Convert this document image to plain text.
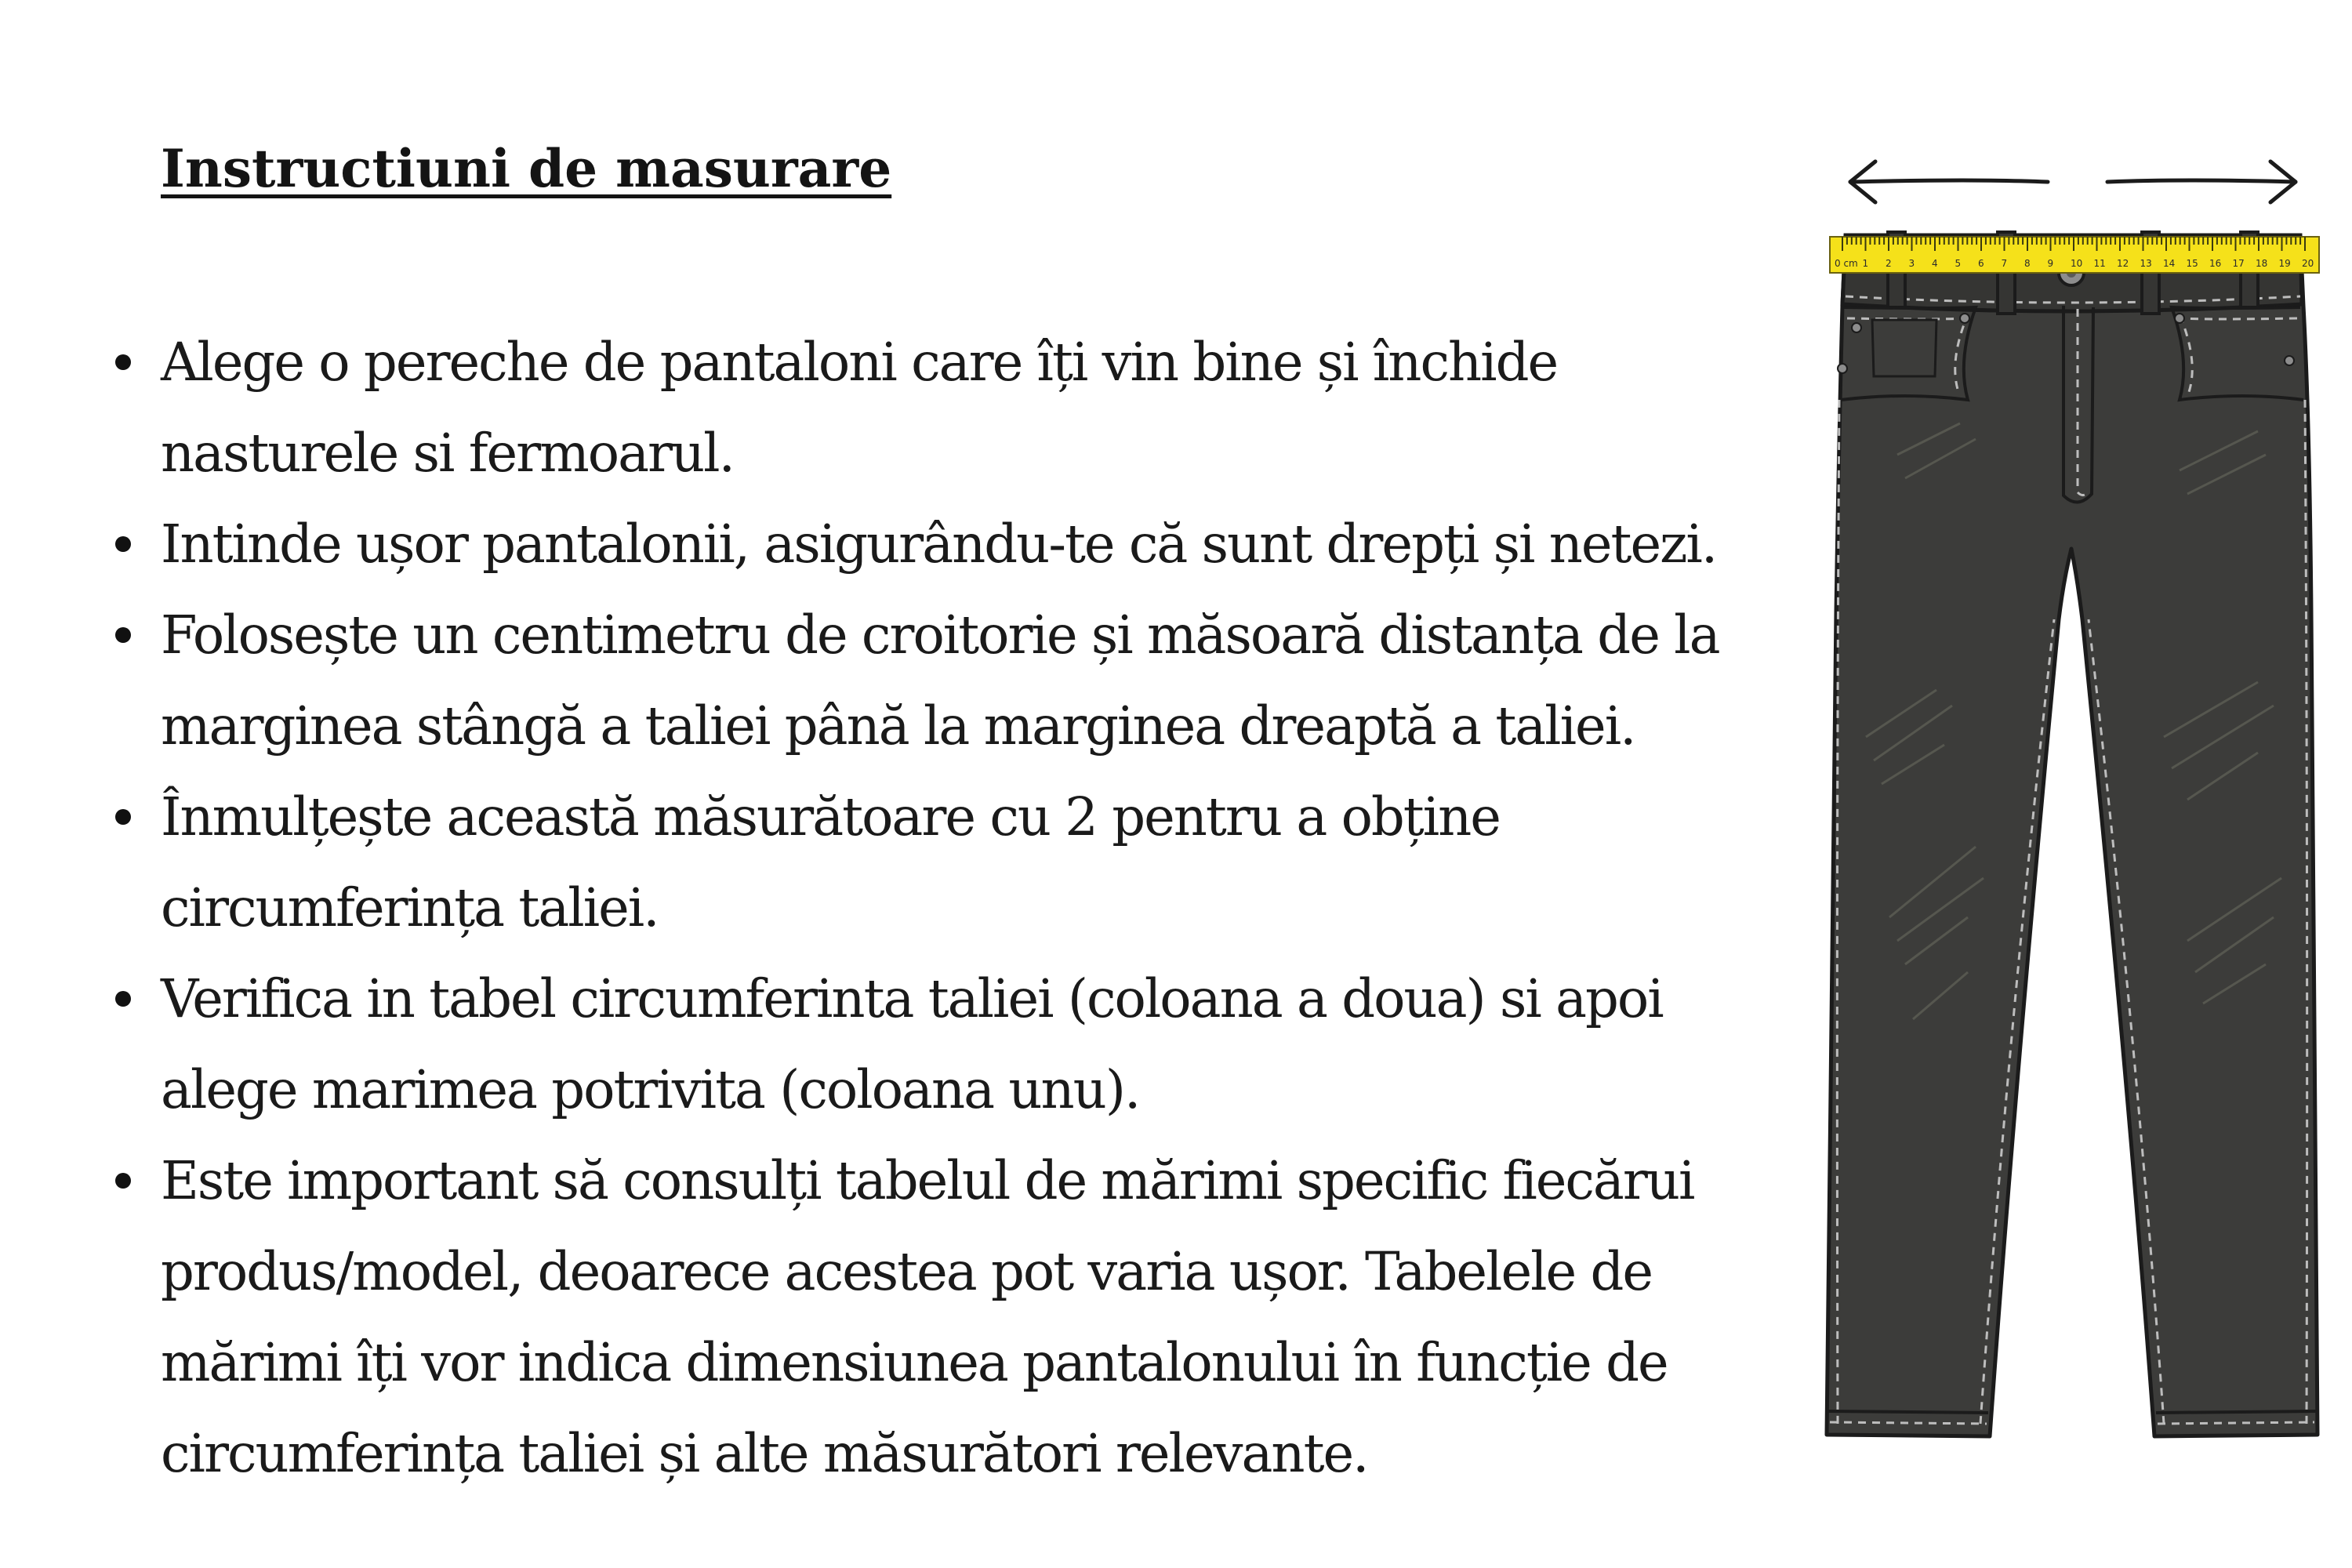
Instructiuni de masurare
Alege o pereche de pantaloni care îți vin bine și închide nasturele si fermoarul.
Intinde ușor pantalonii, asigurându-te că sunt drepți și netezi.
Folosește un centimetru de croitorie și măsoară distanța de la marginea stângă a taliei până la marginea dreaptă a taliei.
Înmulțește această măsurătoare cu 2 pentru a obține circumferința taliei.
Verifica in tabel circumferinta taliei (coloana a doua) si apoi alege marimea potrivita (coloana unu).
Este important să consulți tabelul de mărimi specific fiecărui produs/model, deoarece acestea pot varia ușor. Tabelele de mărimi îți vor indica dimensiunea pantalonului în funcție de circumferința taliei și alte măsurători relevante.
0 cm 1 2 3 4 5 6 7 8 9 10 11 12 13 14 15 16 17 18 19 20
